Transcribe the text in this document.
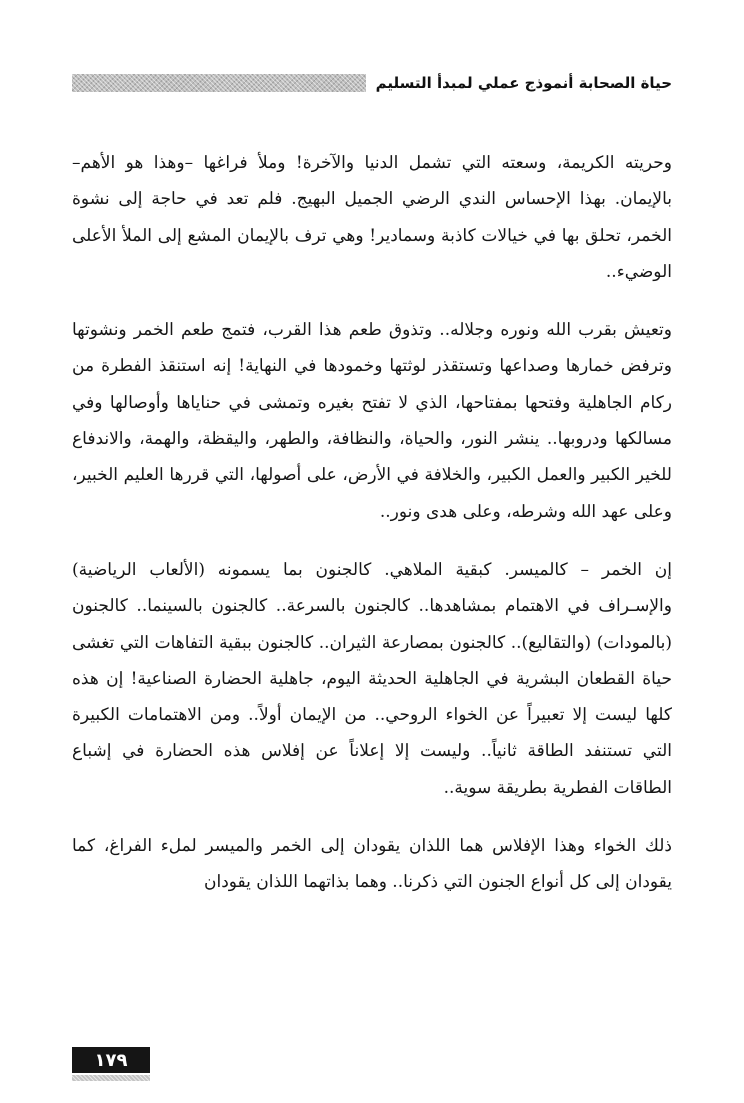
حياة الصحابة أنموذج عملي لمبدأ التسليم

وحريته الكريمة، وسعته التي تشمل الدنيا والآخرة! وملأ فراغها –وهذا هو الأهم– بالإيمان. بهذا الإحساس الندي الرضي الجميل البهيج. فلم تعد في حاجة إلى نشوة الخمر، تحلق بها في خيالات كاذبة وسمادير! وهي ترف بالإيمان المشع إلى الملأ الأعلى الوضيء..

وتعيش بقرب الله ونوره وجلاله.. وتذوق طعم هذا القرب، فتمج طعم الخمر ونشوتها وترفض خمارها وصداعها وتستقذر لوثتها وخمودها في النهاية! إنه استنقذ الفطرة من ركام الجاهلية وفتحها بمفتاحها، الذي لا تفتح بغيره وتمشى في حناياها وأوصالها وفي مسالكها ودروبها.. ينشر النور، والحياة، والنظافة، والطهر، واليقظة، والهمة، والاندفاع للخير الكبير والعمل الكبير، والخلافة في الأرض، على أصولها، التي قررها العليم الخبير، وعلى عهد الله وشرطه، وعلى هدى ونور..

إن الخمر – كالميسر. كبقية الملاهي. كالجنون بما يسمونه (الألعاب الرياضية) والإسـراف في الاهتمام بمشاهدها.. كالجنون بالسرعة.. كالجنون بالسينما.. كالجنون (بالمودات) (والتقاليع).. كالجنون بمصارعة الثيران.. كالجنون ببقية التفاهات التي تغشى حياة القطعان البشرية في الجاهلية الحديثة اليوم، جاهلية الحضارة الصناعية! إن هذه كلها ليست إلا تعبيراً عن الخواء الروحي.. من الإيمان أولاً.. ومن الاهتمامات الكبيرة التي تستنفد الطاقة ثانياً.. وليست إلا إعلاناً عن إفلاس هذه الحضارة في إشباع الطاقات الفطرية بطريقة سوية..

ذلك الخواء وهذا الإفلاس هما اللذان يقودان إلى الخمر والميسر لملء الفراغ، كما يقودان إلى كل أنواع الجنون التي ذكرنا.. وهما بذاتهما اللذان يقودان

١٧٩
